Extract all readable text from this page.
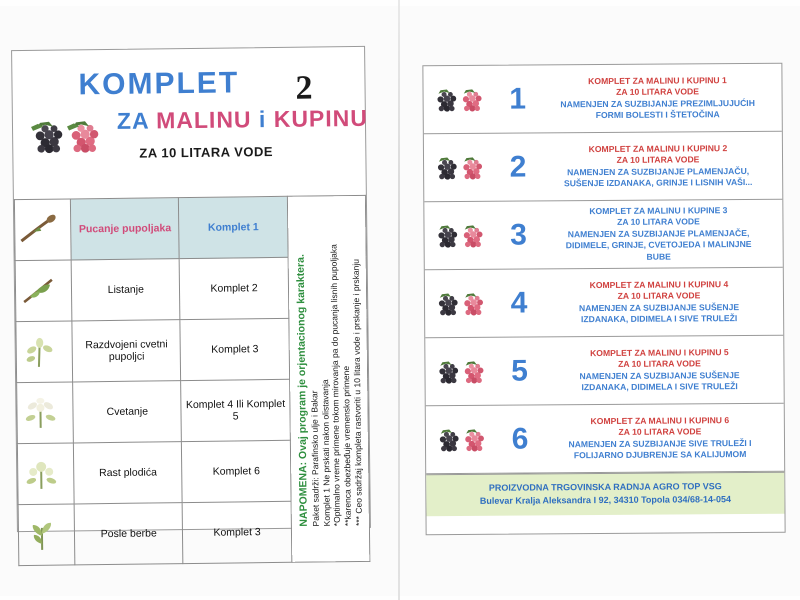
KOMPLET 2
ZA MALINU i KUPINU
ZA 10 LITARA VODE
	Pucanje pupoljaka	Komplet 1	
NAPOMENA: Ovaj program je orjentacionog karaktera. Paket sadrži: Parafinsko ulje i Bakar
Komplet 1 Ne prskati nakon olistavanja
*Optimalno vreme primene tokom mirovanja pa do pucanja lisnih pupoljaka
**karenca obezbeđuje vremensko primene
*** Ceo sadržaj kompleta rastvoriti u 10 litara vode i prskanje i prskanju

	Listanje	Komplet 2	

	Razdvojeni cvetni pupoljci	Komplet 3	

	Cvetanje	Komplet 4 Ili Komplet 5	

	Rast plodića	Komplet 6	

	Posle berbe	Komplet 3	
1
KOMPLET ZA MALINU I KUPINU 1
ZA 10 LITARA VODE
NAMENJEN ZA SUZBIJANJE PREZIMLJUJUĆIH
FORMI BOLESTI I ŠTETOČINA
2
KOMPLET ZA MALINU I KUPINU 2
ZA 10 LITARA VODE
NAMENJEN ZA SUZBIJANJE PLAMENJAČU,
SUŠENJE IZDANAKA, GRINJE I LISNIH VAŠI...
3
KOMPLET ZA MALINU I KUPINE 3
ZA 10 LITARA VODE
NAMENJEN ZA SUZBIJANJE PLAMENJAČE,
DIDIMELE, GRINJE, CVETOJEDA I MALINJNE
BUBE
4
KOMPLET ZA MALINU I KUPINU 4
ZA 10 LITARA VODE
NAMENJEN ZA SUZBIJANJE SUŠENJE
IZDANAKA, DIDIMELA I SIVE TRULEŽI
5
KOMPLET ZA MALINU I KUPINU 5
ZA 10 LITARA VODE
NAMENJEN ZA SUZBIJANJE SUŠENJE
IZDANAKA, DIDIMELA I SIVE TRULEŽI
6
KOMPLET ZA MALINU I KUPINU 6
ZA 10 LITARA VODE
NAMENJEN ZA SUZBIJANJE SIVE TRULEŽI I
FOLIJARNO DJUBRENJE SA KALIJUMOM
PROIZVODNA TRGOVINSKA RADNJA AGRO TOP VSG
Bulevar Kralja Aleksandra I 92, 34310 Topola 034/68-14-054
